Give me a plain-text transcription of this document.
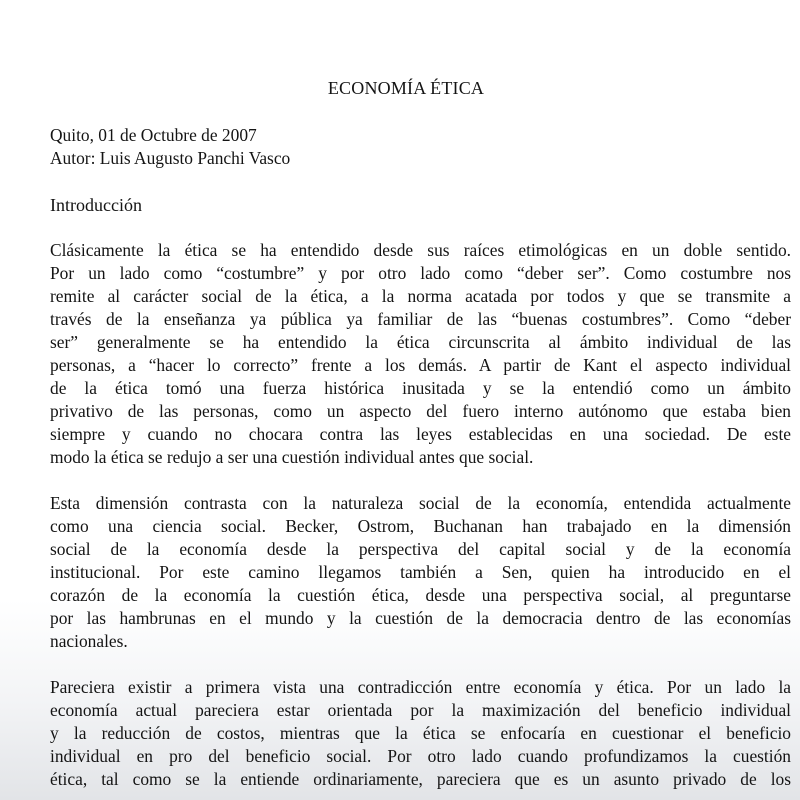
ECONOMÍA ÉTICA
Quito, 01 de Octubre de 2007
Autor: Luis Augusto Panchi Vasco
Introducción
Clásicamente la ética se ha entendido desde sus raíces etimológicas en un doble sentido.
Por un lado como “costumbre” y por otro lado como “deber ser”. Como costumbre nos
remite al carácter social de la ética, a la norma acatada por todos y que se transmite a
través de la enseñanza ya pública ya familiar de las “buenas costumbres”. Como “deber
ser” generalmente se ha entendido la ética circunscrita al ámbito individual de las
personas, a “hacer lo correcto” frente a los demás. A partir de Kant el aspecto individual
de la ética tomó una fuerza histórica inusitada y se la entendió como un ámbito
privativo de las personas, como un aspecto del fuero interno autónomo que estaba bien
siempre y cuando no chocara contra las leyes establecidas en una sociedad. De este
modo la ética se redujo a ser una cuestión individual antes que social.
Esta dimensión contrasta con la naturaleza social de la economía, entendida actualmente
como una ciencia social. Becker, Ostrom, Buchanan han trabajado en la dimensión
social de la economía desde la perspectiva del capital social y de la economía
institucional. Por este camino llegamos también a Sen, quien ha introducido en el
corazón de la economía la cuestión ética, desde una perspectiva social, al preguntarse
por las hambrunas en el mundo y la cuestión de la democracia dentro de las economías
nacionales.
Pareciera existir a primera vista una contradicción entre economía y ética. Por un lado la
economía actual pareciera estar orientada por la maximización del beneficio individual
y la reducción de costos, mientras que la ética se enfocaría en cuestionar el beneficio
individual en pro del beneficio social. Por otro lado cuando profundizamos la cuestión
ética, tal como se la entiende ordinariamente, pareciera que es un asunto privado de los
